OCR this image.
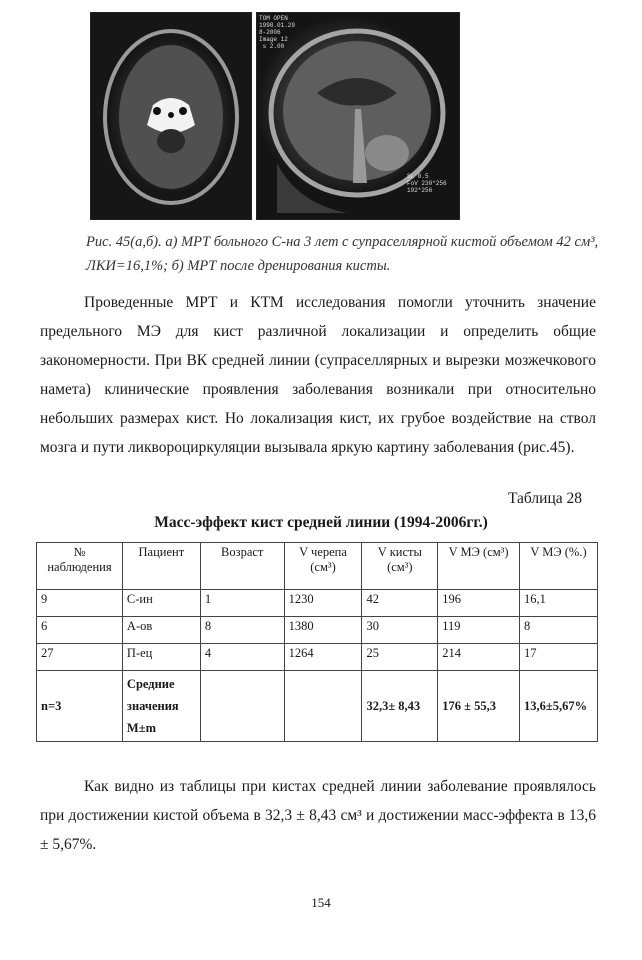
TOM OPEN
1998.01.29
8-2006
Image 12
s 2.00
SL 0.5
FoV 230*256
192*256
Рис. 45(а,б). а) МРТ больного С-на 3 лет с супраселлярной кистой объемом 42 см³, ЛКИ=16,1%; б) МРТ после дренирования кисты.
Проведенные МРТ и КТМ исследования помогли уточнить значение предельного МЭ для кист различной локализации и определить общие закономерности. При ВК средней линии (супраселлярных и вырезки мозжечкового намета) клинические проявления заболевания возникали при относительно небольших размерах кист. Но локализация кист, их грубое воздействие на ствол мозга и пути ликвороциркуляции вызывала яркую картину заболевания (рис.45).
Таблица 28
Масс-эффект кист средней линии (1994-2006гг.)
№ наблюдения	Пациент	Возраст	V черепа (см³)	V кисты (см³)	V МЭ (см³)	V МЭ (%.)
9	С-ин	1	1230	42	196	16,1
6	А-ов	8	1380	30	119	8
27	П-ец	4	1264	25	214	17
n=3	Средние значения M±m			32,3± 8,43	176 ± 55,3	13,6±5,67%
Как видно из таблицы при кистах средней линии заболевание проявлялось при достижении кистой объема в 32,3 ± 8,43 см³ и достижении масс-эффекта в 13,6 ± 5,67%.
154
